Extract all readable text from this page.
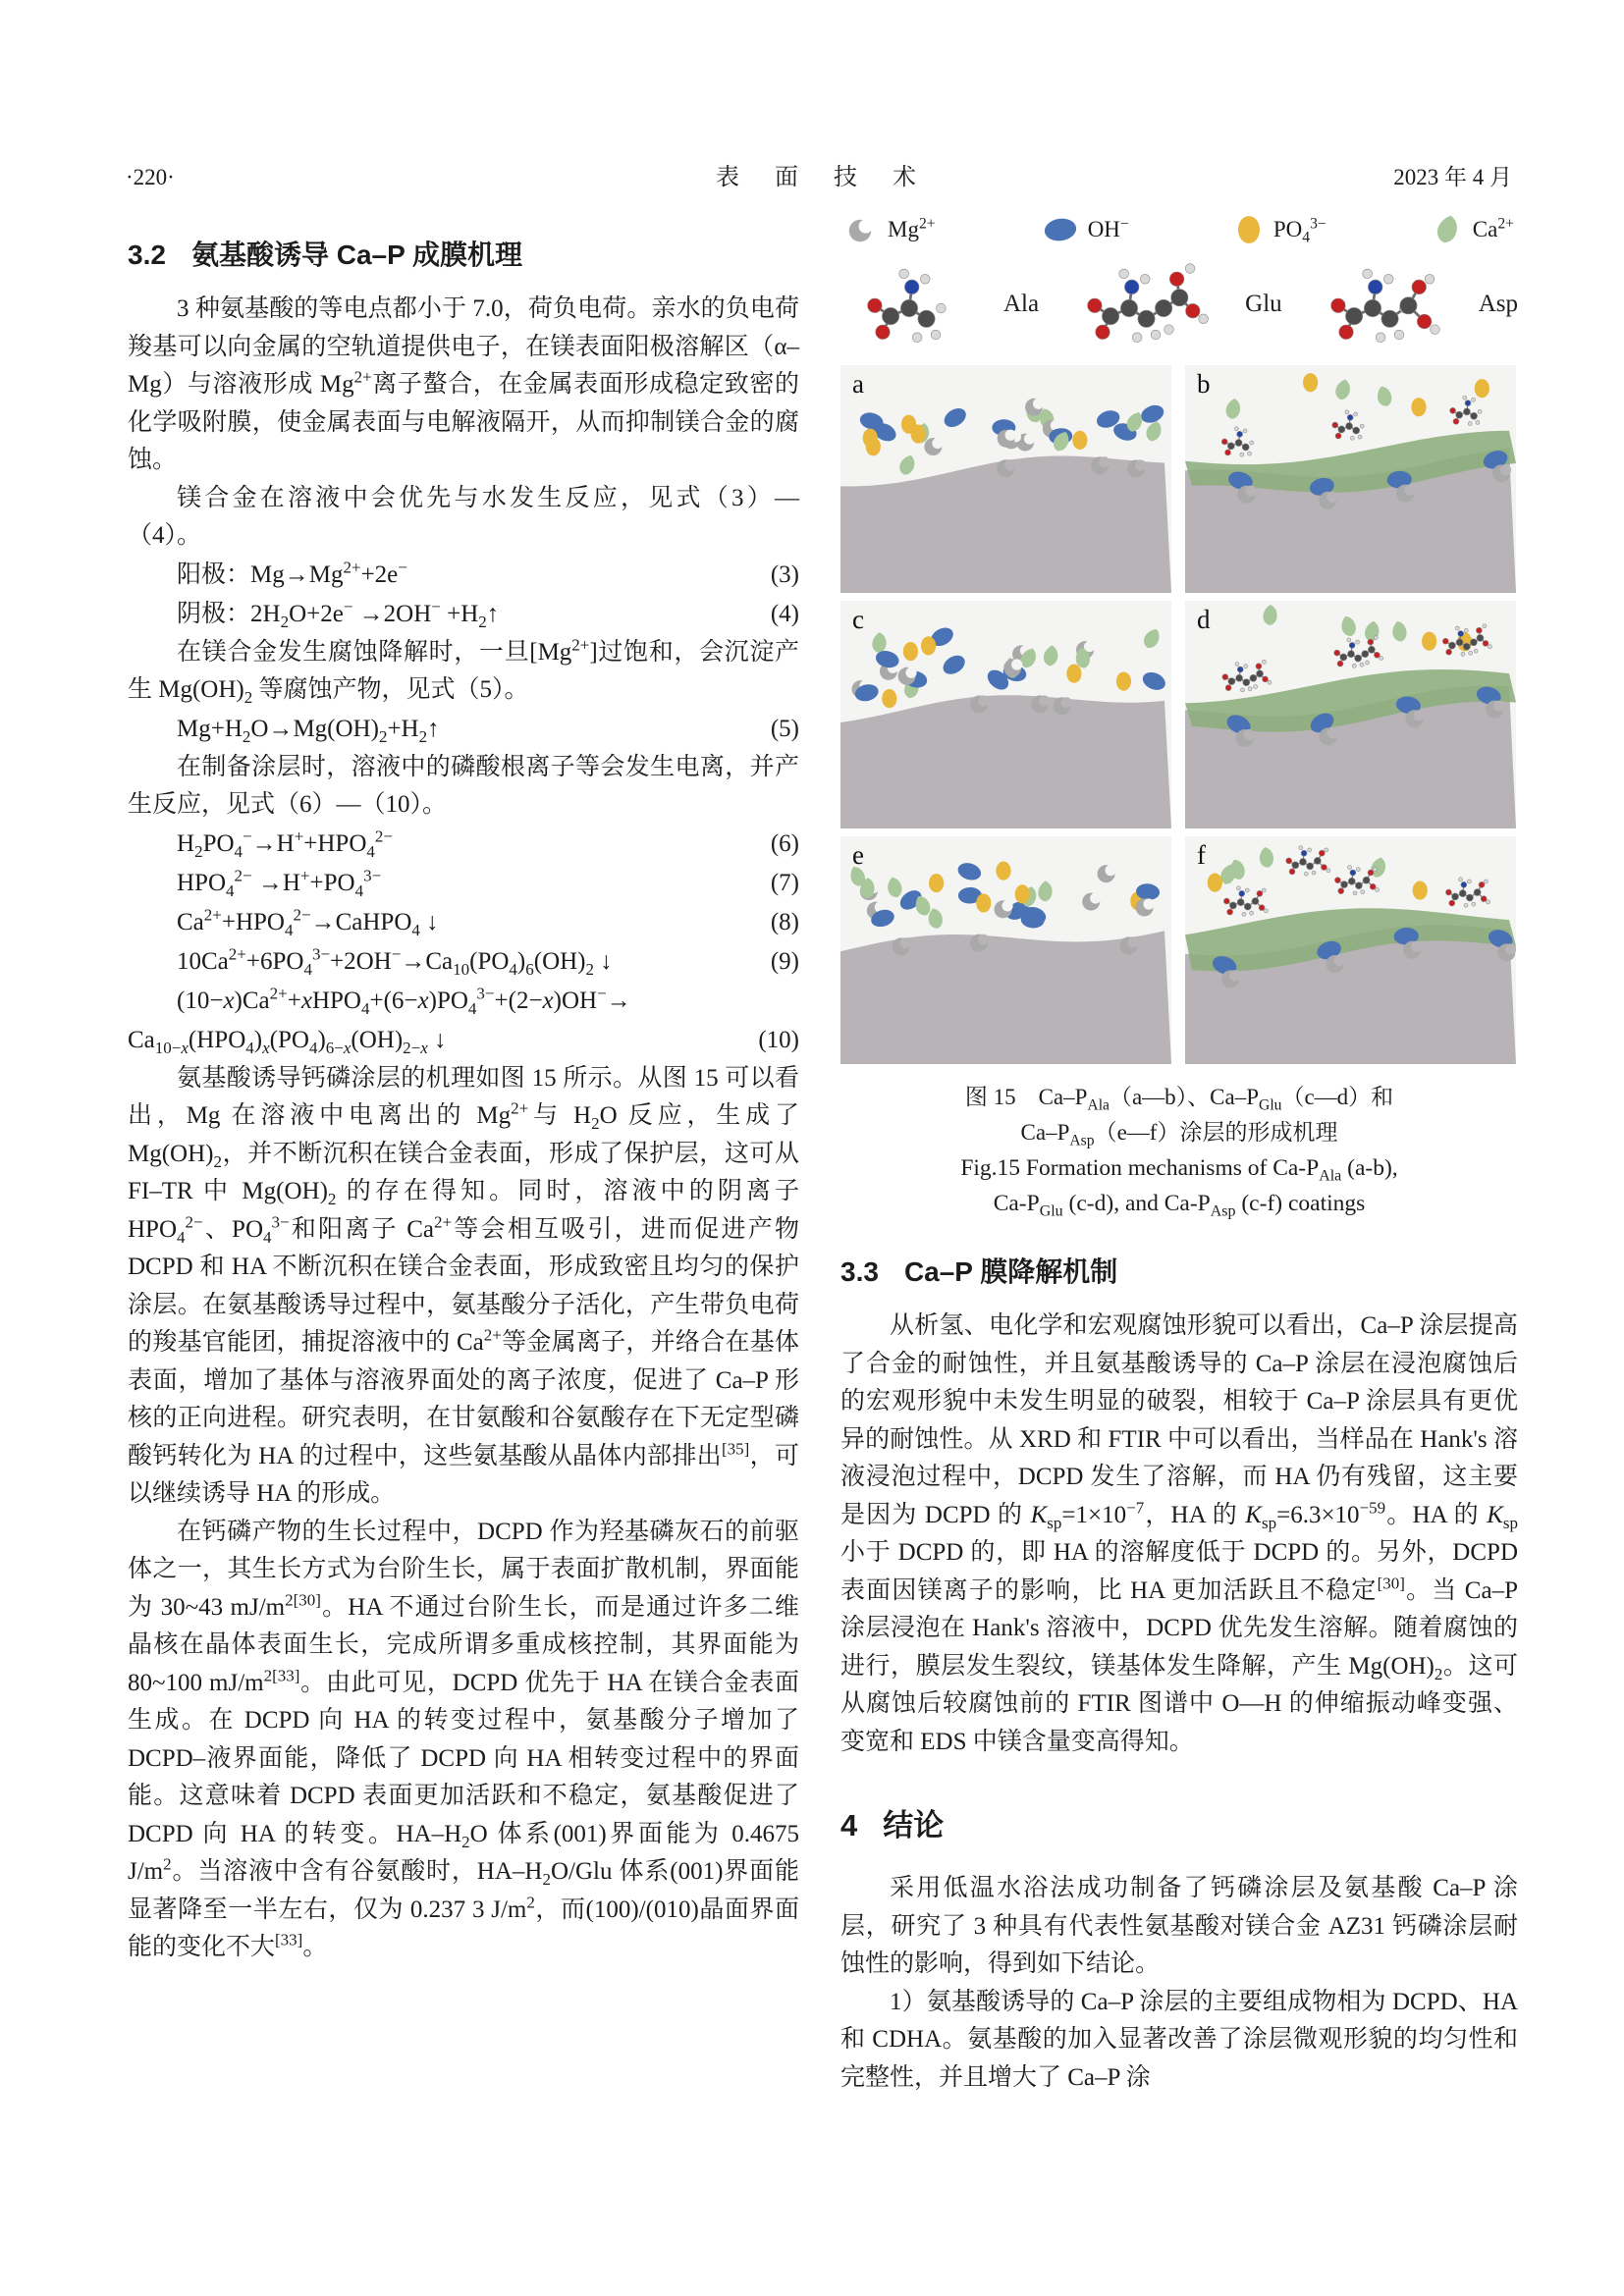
·220·	表　面　技　术	2023 年 4 月
3.2 氨基酸诱导 Ca–P 成膜机理

3 种氨基酸的等电点都小于 7.0，荷负电荷。亲水的负电荷羧基可以向金属的空轨道提供电子，在镁表面阳极溶解区（α–Mg）与溶液形成 $Mg^{2+}$离子螯合，在金属表面形成稳定致密的化学吸附膜，使金属表面与电解液隔开，从而抑制镁合金的腐蚀。

镁合金在溶液中会优先与水发生反应，见式（3）—（4）。

阳极：$Mg\to Mg^{2+}+2e^-$	(3)
阴极：$2H_2O+2e^- \to 2OH^-$ $+H_2↑$	(4)

在镁合金发生腐蚀降解时，一旦$[Mg^{2+}]$过饱和，会沉淀产生 $Mg(OH)_2$ 等腐蚀产物，见式（5）。

$Mg+H_2O\to Mg(OH)_2+H_2↑$	(5)

在制备涂层时，溶液中的磷酸根离子等会发生电离，并产生反应，见式（6）—（10）。

$H_2PO_4^-\to H^++HPO_4^{2-}$	(6)
$HPO_4^{2-} \to H^++PO_4^{3-}$	(7)
$Ca^{2+}+HPO_4^{2-}\to CaHPO_4$ ↓	(8)
$10Ca^{2+}+6PO_4^{3-}+2OH^-\to Ca_{10}(PO_4)_6(OH)_2$ ↓	(9)
$(10-x)Ca^{2+}+xHPO_4+(6-x)PO_4^{3-}+(2-x)OH^-\to$
$Ca_{10-x}(HPO_4)_x(PO_4)_{6-x}(OH)_{2-x}$ ↓	(10)

氨基酸诱导钙磷涂层的机理如图 15 所示。从图 15 可以看出，Mg 在溶液中电离出的 $Mg^{2+}$与 $H_2O$ 反应，生成了 $Mg(OH)_2$，并不断沉积在镁合金表面，形成了保护层，这可从 FI–TR 中 $Mg(OH)_2$ 的存在得知。同时，溶液中的阴离子 $HPO_4^{2-}$、$PO_4^{3-}$和阳离子 $Ca^{2+}$等会相互吸引，进而促进产物 DCPD 和 HA 不断沉积在镁合金表面，形成致密且均匀的保护涂层。在氨基酸诱导过程中，氨基酸分子活化，产生带负电荷的羧基官能团，捕捉溶液中的 $Ca^{2+}$等金属离子，并络合在基体表面，增加了基体与溶液界面处的离子浓度，促进了 Ca–P 形核的正向进程。研究表明，在甘氨酸和谷氨酸存在下无定型磷酸钙转化为 HA 的过程中，这些氨基酸从晶体内部排出[35]，可以继续诱导 HA 的形成。

在钙磷产物的生长过程中，DCPD 作为羟基磷灰石的前驱体之一，其生长方式为台阶生长，属于表面扩散机制，界面能为 30~43 $mJ/m^{2[30]}$。HA 不通过台阶生长，而是通过许多二维晶核在晶体表面生长，完成所谓多重成核控制，其界面能为 80~100 $mJ/m^{2[33]}$。由此可见，DCPD 优先于 HA 在镁合金表面生成。在 DCPD 向 HA 的转变过程中，氨基酸分子增加了 DCPD–液界面能，降低了 DCPD 向 HA 相转变过程中的界面能。这意味着 DCPD 表面更加活跃和不稳定，氨基酸促进了 DCPD 向 HA 的转变。$HA-H_2O$ 体系(001)界面能为 0.4675 $J/m^2$。当溶液中含有谷氨酸时，$HA-H_2O$/Glu 体系(001)界面能显著降至一半左右，仅为 0.237 3 $J/m^2$，而(100)/(010)晶面界面能的变化不大[33]。

$Mg^{2+}$	OH−	$PO_4^{3-}$	$Ca^{2+}$
Ala	Glu	Asp
a	b
c	d
e	f
图 15　$Ca-P_{Ala}(a—b)$、$Ca-P_{Glu}(c—d)$和
$Ca-P_{Asp}(e—f)$涂层的形成机理
Fig.15 Formation mechanisms of $Ca-P_{Ala}$ (a-b),
$Ca-P_{Glu}$ (c-d), and $Ca-P_{Asp}$ (c-f) coatings
3.3 Ca–P 膜降解机制

从析氢、电化学和宏观腐蚀形貌可以看出，Ca–P 涂层提高了合金的耐蚀性，并且氨基酸诱导的 Ca–P 涂层在浸泡腐蚀后的宏观形貌中未发生明显的破裂，相较于 Ca–P 涂层具有更优异的耐蚀性。从 XRD 和 FTIR 中可以看出，当样品在 Hank's 溶液浸泡过程中，DCPD 发生了溶解，而 HA 仍有残留，这主要是因为 DCPD 的 $K_{sp}=1\times 10^{-7}$，HA 的 $K_{sp}=6.3\times 10^{-59}$。HA 的 $K_{sp}$ 小于 DCPD 的，即 HA 的溶解度低于 DCPD 的。另外，DCPD 表面因镁离子的影响，比 HA 更加活跃且不稳定[30]。当 Ca–P 涂层浸泡在 Hank's 溶液中，DCPD 优先发生溶解。随着腐蚀的进行，膜层发生裂纹，镁基体发生降解，产生 $Mg(OH)_2$。这可从腐蚀后较腐蚀前的 FTIR 图谱中 O—H 的伸缩振动峰变强、变宽和 EDS 中镁含量变高得知。

4 结论

采用低温水浴法成功制备了钙磷涂层及氨基酸 Ca–P 涂层，研究了 3 种具有代表性氨基酸对镁合金 AZ31 钙磷涂层耐蚀性的影响，得到如下结论。

1）氨基酸诱导的 Ca–P 涂层的主要组成物相为 DCPD、HA 和 CDHA。氨基酸的加入显著改善了涂层微观形貌的均匀性和完整性，并且增大了 Ca–P 涂
